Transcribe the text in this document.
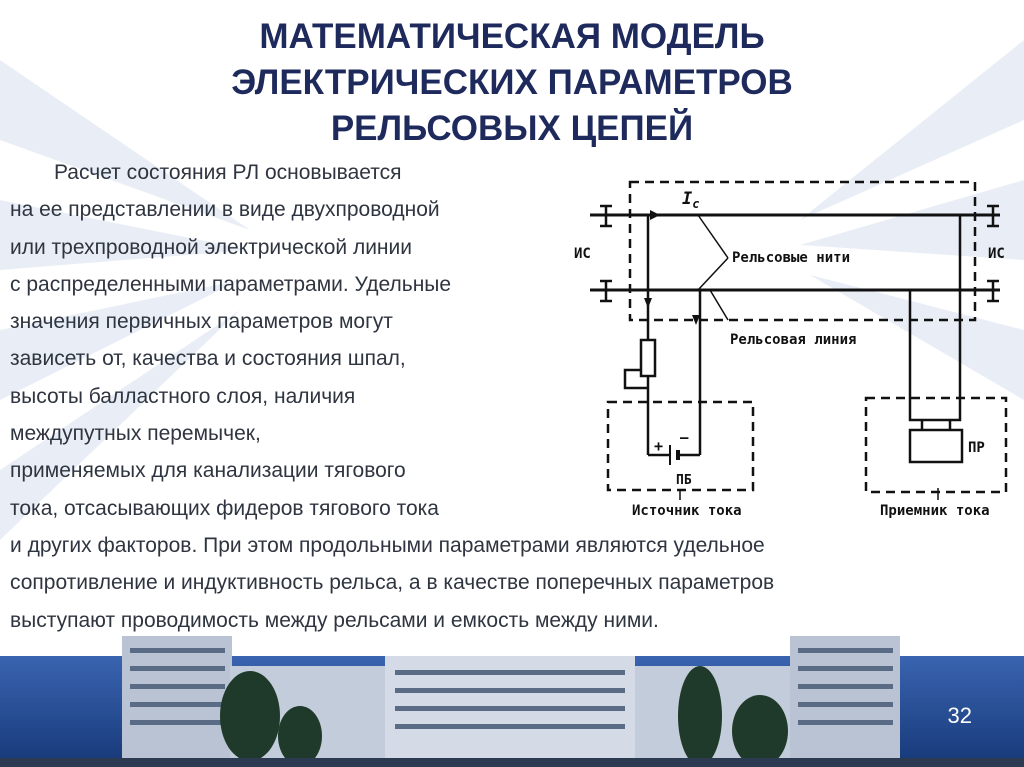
МАТЕМАТИЧЕСКАЯ МОДЕЛЬ
ЭЛЕКТРИЧЕСКИХ ПАРАМЕТРОВ
РЕЛЬСОВЫХ ЦЕПЕЙ
Расчет состояния РЛ основывается
на ее представлении в виде двухпроводной
или трехпроводной электрической линии
с распределенными параметрами. Удельные
значения первичных параметров могут
зависеть от, качества и состояния шпал,
высоты балластного слоя, наличия
междупутных перемычек,
применяемых для канализации тягового
тока, отсасывающих фидеров тягового тока
и других факторов. При этом продольными параметрами являются удельное
сопротивление и индуктивность рельса, а в качестве поперечных параметров
выступают проводимость между рельсами и емкость между ними.
$I_с$
ИС	ИС
Рельсовые нити
Рельсовая линия
+ —
ПБ
ПР
Источник тока	Приемник тока
32
